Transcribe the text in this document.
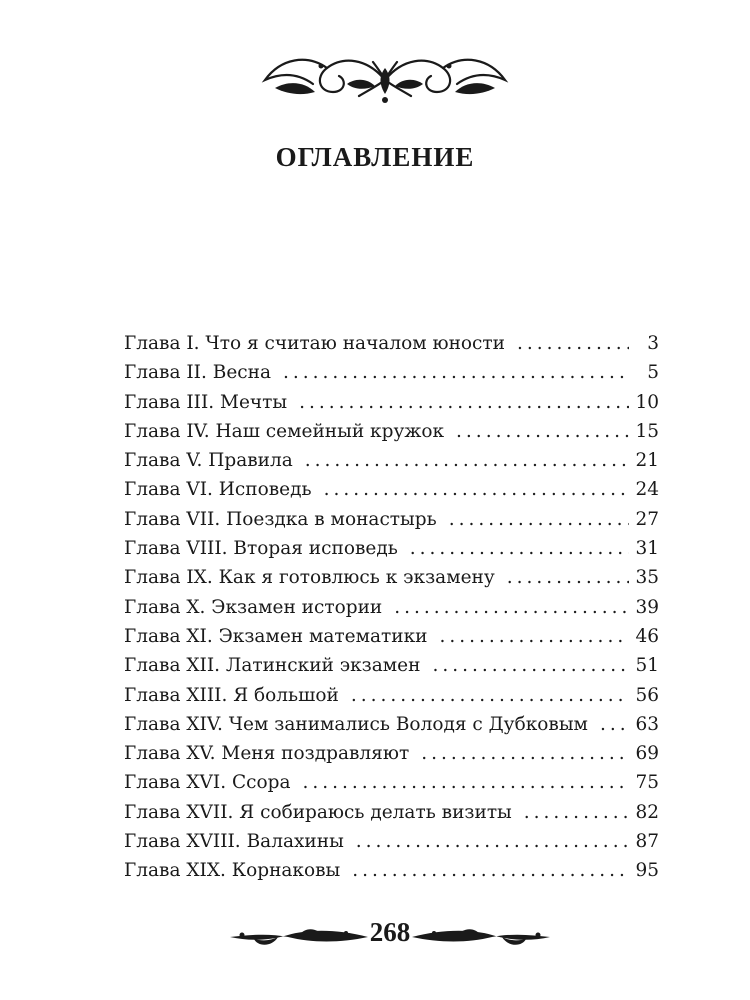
ОГЛАВЛЕНИЕ
Глава I. Что я считаю началом юности .....	3
Глава II. Весна .....	5
Глава III. Мечты .....	10
Глава IV. Наш семейный кружок .....	15
Глава V. Правила .....	21
Глава VI. Исповедь .....	24
Глава VII. Поездка в монастырь .....	27
Глава VIII. Вторая исповедь .....	31
Глава IX. Как я готовлюсь к экзамену .....	35
Глава X. Экзамен истории .....	39
Глава XI. Экзамен математики .....	46
Глава XII. Латинский экзамен .....	51
Глава XIII. Я большой .....	56
Глава XIV. Чем занимались Володя с Дубковым .....	63
Глава XV. Меня поздравляют .....	69
Глава XVI. Ссора .....	75
Глава XVII. Я собираюсь делать визиты .....	82
Глава XVIII. Валахины .....	87
Глава XIX. Корнаковы .....	95
268
